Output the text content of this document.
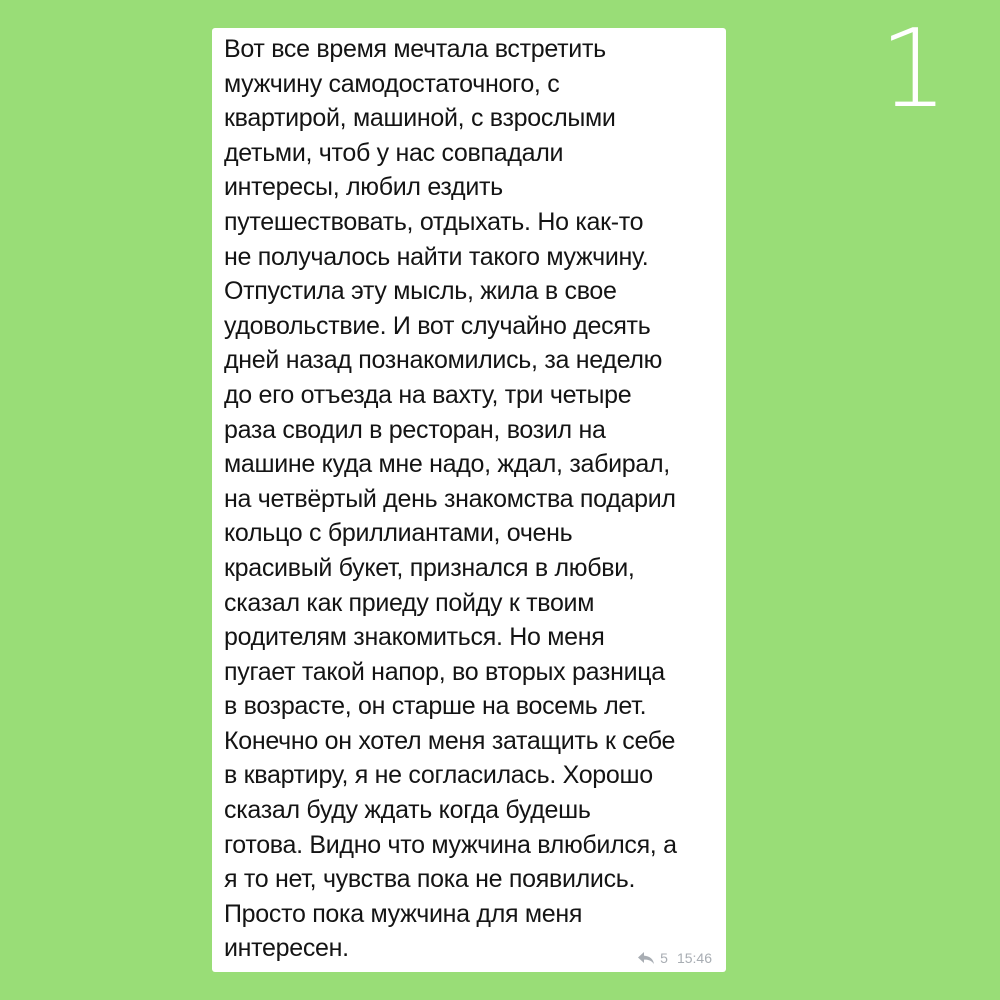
1

Вот все время мечтала встретить
мужчину самодостаточного, с
квартирой, машиной, с взрослыми
детьми, чтоб у нас совпадали
интересы, любил ездить
путешествовать, отдыхать. Но как-то
не получалось найти такого мужчину.
Отпустила эту мысль, жила в свое
удовольствие. И вот случайно десять
дней назад познакомились, за неделю
до его отъезда на вахту, три четыре
раза сводил в ресторан, возил на
машине куда мне надо, ждал, забирал,
на четвёртый день знакомства подарил
кольцо с бриллиантами, очень
красивый букет, признался в любви,
сказал как приеду пойду к твоим
родителям знакомиться. Но меня
пугает такой напор, во вторых разница
в возрасте, он старше на восемь лет.
Конечно он хотел меня затащить к себе
в квартиру, я не согласилась. Хорошо
сказал буду ждать когда будешь
готова. Видно что мужчина влюбился, а
я то нет, чувства пока не появились.
Просто пока мужчина для меня
интересен.	5 15:46
